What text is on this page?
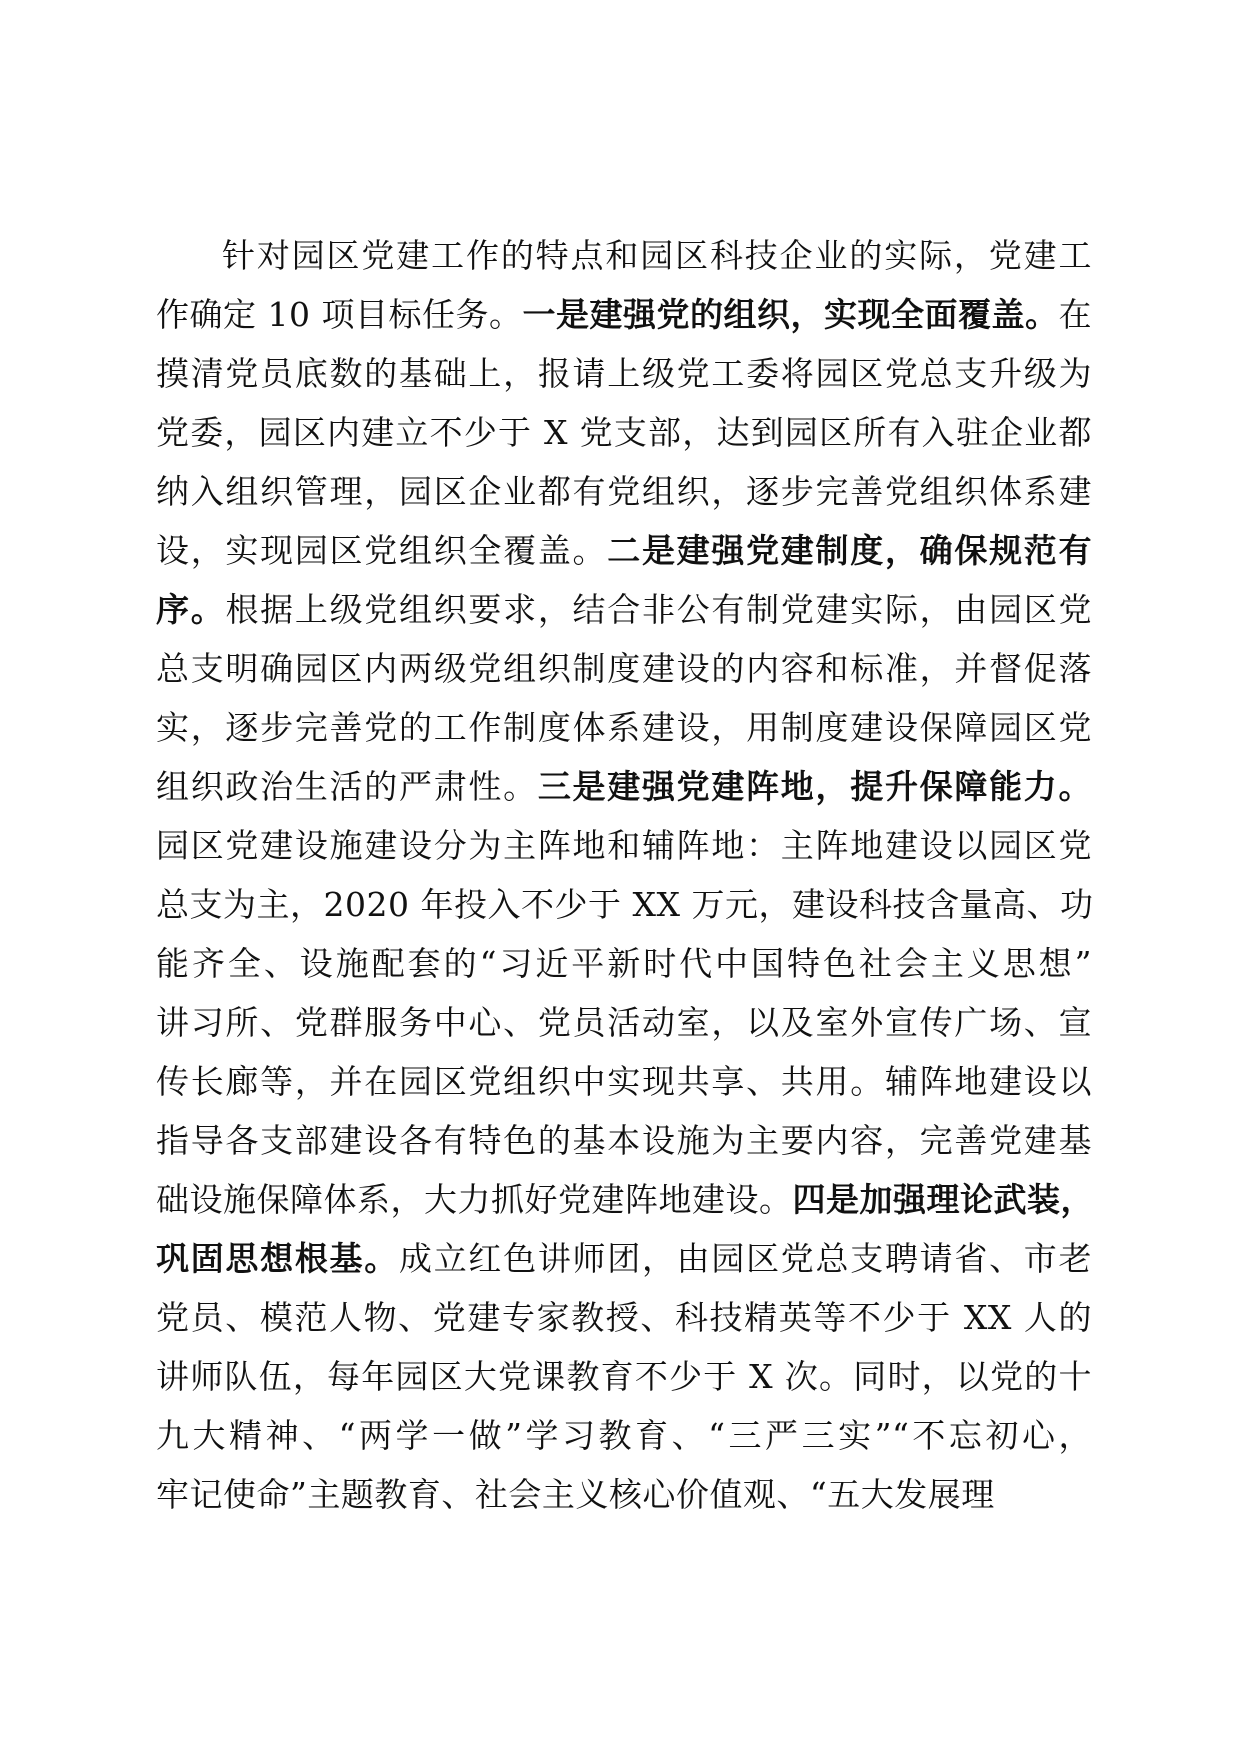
针对园区党建工作的特点和园区科技企业的实际，党建工
作确定 10 项目标任务。一是建强党的组织，实现全面覆盖。在
摸清党员底数的基础上，报请上级党工委将园区党总支升级为
党委，园区内建立不少于 X 党支部，达到园区所有入驻企业都
纳入组织管理，园区企业都有党组织，逐步完善党组织体系建
设，实现园区党组织全覆盖。二是建强党建制度，确保规范有
序。根据上级党组织要求，结合非公有制党建实际，由园区党
总支明确园区内两级党组织制度建设的内容和标准，并督促落
实，逐步完善党的工作制度体系建设，用制度建设保障园区党
组织政治生活的严肃性。三是建强党建阵地，提升保障能力。
园区党建设施建设分为主阵地和辅阵地：主阵地建设以园区党
总支为主，2020 年投入不少于 XX 万元，建设科技含量高、功
能齐全、设施配套的“习近平新时代中国特色社会主义思想”
讲习所、党群服务中心、党员活动室，以及室外宣传广场、宣
传长廊等，并在园区党组织中实现共享、共用。辅阵地建设以
指导各支部建设各有特色的基本设施为主要内容，完善党建基
础设施保障体系，大力抓好党建阵地建设。四是加强理论武装，
巩固思想根基。成立红色讲师团，由园区党总支聘请省、市老
党员、模范人物、党建专家教授、科技精英等不少于 XX 人的
讲师队伍，每年园区大党课教育不少于 X 次。同时，以党的十
九大精神、“两学一做”学习教育、“三严三实”“不忘初心，
牢记使命”主题教育、社会主义核心价值观、“五大发展理
